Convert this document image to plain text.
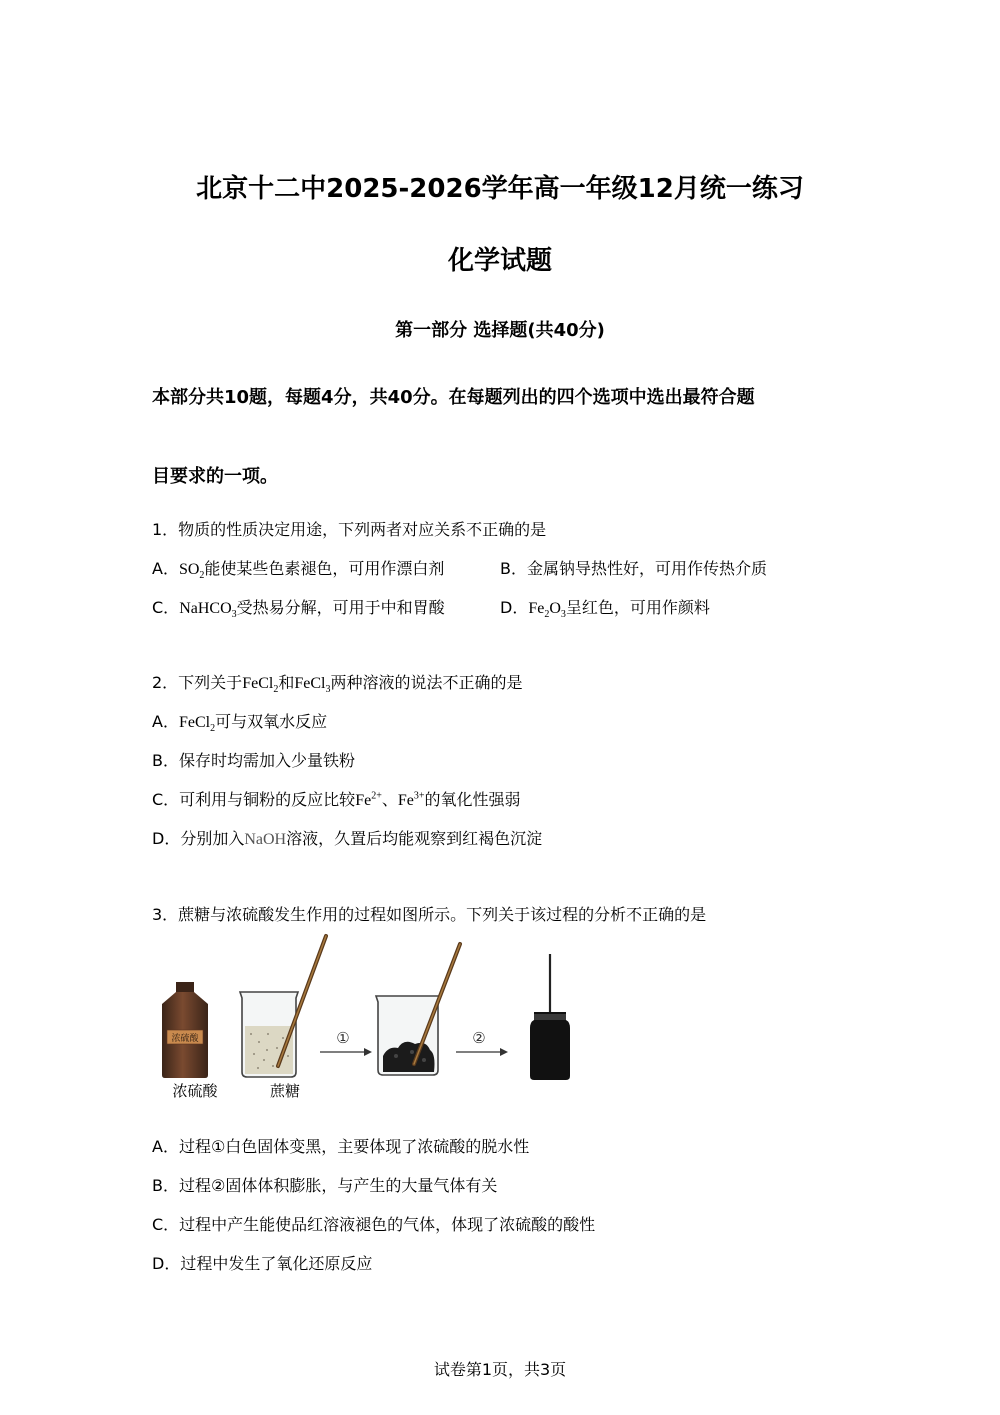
北京十二中2025-2026学年高一年级12月统一练习
化学试题
第一部分 选择题(共40分)
本部分共10题，每题4分，共40分。在每题列出的四个选项中选出最符合题
目要求的一项。
1．物质的性质决定用途，下列两者对应关系不正确的是
A．$SO_2$能使某些色素褪色，可用作漂白剂	B．金属钠导热性好，可用作传热介质
C．NaHCO$_3$受热易分解，可用于中和胃酸	D．$Fe_2O_3$呈红色，可用作颜料
2．下列关于FeCl$_2$和FeCl$_3$两种溶液的说法不正确的是
A．FeCl$_2$可与双氧水反应
B．保存时均需加入少量铁粉
C．可利用与铜粉的反应比较$Fe^{2+}$、$Fe^{3+}$的氧化性强弱
D．分别加入NaOH溶液，久置后均能观察到红褐色沉淀
3．蔗糖与浓硫酸发生作用的过程如图所示。下列关于该过程的分析不正确的是
浓硫酸
浓硫酸	蔗糖
①	②
A．过程①白色固体变黑，主要体现了浓硫酸的脱水性
B．过程②固体体积膨胀，与产生的大量气体有关
C．过程中产生能使品红溶液褪色的气体，体现了浓硫酸的酸性
D．过程中发生了氧化还原反应
试卷第1页，共3页
